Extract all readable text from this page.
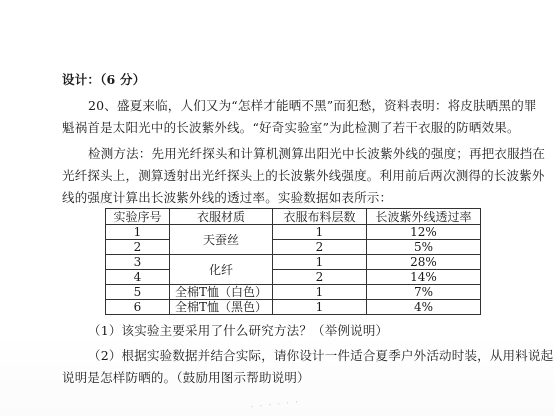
设计：（6 分）
20、盛夏来临，人们又为“怎样才能晒不黑”而犯愁，资料表明：将皮肤晒黑的罪
魁祸首是太阳光中的长波紫外线。“好奇实验室”为此检测了若干衣服的防晒效果。
检测方法：先用光纤探头和计算机测算出阳光中长波紫外线的强度；再把衣服挡在
光纤探头上，测算透射出光纤探头上的长波紫外线强度。利用前后两次测得的长波紫外
线的强度计算出长波紫外线的透过率。实验数据如表所示：
实验序号	衣服材质	衣服布料层数	长波紫外线透过率
1	天蚕丝	1	12%
2		2	5%
3	化纤	1	28%
4		2	14%
5	全棉T恤（白色）	1	7%
6	全棉T恤（黑色）	1	4%
（1）该实验主要采用了什么研究方法？（举例说明）
（2）根据实验数据并结合实际，请你设计一件适合夏季户外活动时装，从用料说起
说明是怎样防晒的。（鼓励用图示帮助说明）
· · · · · ·
